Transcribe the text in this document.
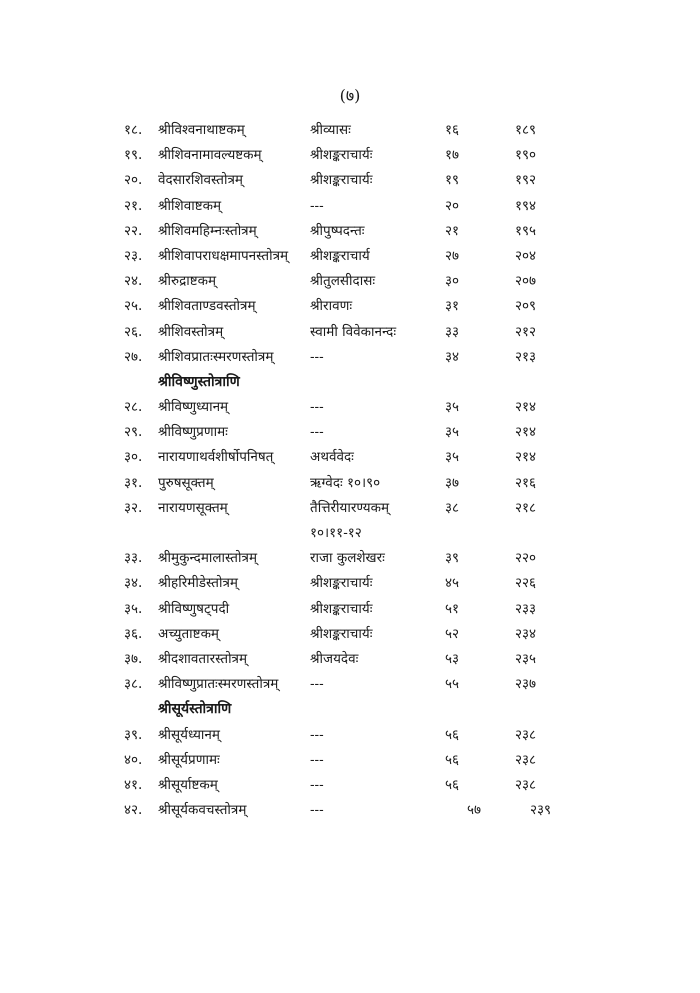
(७)
१८. श्रीविश्वनाथाष्टकम्	श्रीव्यासः	१६	१८९
१९. श्रीशिवनामावल्यष्टकम्	श्रीशङ्कराचार्यः	१७	१९०
२०. वेदसारशिवस्तोत्रम्	श्रीशङ्कराचार्यः	१९	१९२
२१. श्रीशिवाष्टकम्	---	२०	१९४
२२. श्रीशिवमहिम्नःस्तोत्रम्	श्रीपुष्पदन्तः	२१	१९५
२३. श्रीशिवापराधक्षमापनस्तोत्रम् श्रीशङ्कराचार्य	२७	२०४
२४. श्रीरुद्राष्टकम्	श्रीतुलसीदासः	३०	२०७
२५. श्रीशिवताण्डवस्तोत्रम्	श्रीरावणः	३१	२०९
२६. श्रीशिवस्तोत्रम्	स्वामी विवेकानन्दः	३३	२१२
२७. श्रीशिवप्रातःस्मरणस्तोत्रम्	---	३४	२१३
श्रीविष्णुस्तोत्राणि
२८. श्रीविष्णुध्यानम्	---	३५	२१४
२९. श्रीविष्णुप्रणामः	---	३५	२१४
३०. नारायणाथर्वशीर्षोपनिषत्	अथर्ववेदः	३५	२१४
३१. पुरुषसूक्तम्	ऋग्वेदः १०।९०	३७	२१६
३२. नारायणसूक्तम्	तैत्तिरीयारण्यकम्	३८	२१८
१०।११-१२
३३. श्रीमुकुन्दमालास्तोत्रम्	राजा कुलशेखरः	३९	२२०
३४. श्रीहरिमीडेस्तोत्रम्	श्रीशङ्कराचार्यः	४५	२२६
३५. श्रीविष्णुषट्पदी	श्रीशङ्कराचार्यः	५१	२३३
३६. अच्युताष्टकम्	श्रीशङ्कराचार्यः	५२	२३४
३७. श्रीदशावतारस्तोत्रम्	श्रीजयदेवः	५३	२३५
३८. श्रीविष्णुप्रातःस्मरणस्तोत्रम् ---	५५	२३७
श्रीसूर्यस्तोत्राणि
३९. श्रीसूर्यध्यानम्	---	५६	२३८
४०. श्रीसूर्यप्रणामः	---	५६	२३८
४१. श्रीसूर्याष्टकम्	---	५६	२३८
४२. श्रीसूर्यकवचस्तोत्रम्	---	५७	२३९
